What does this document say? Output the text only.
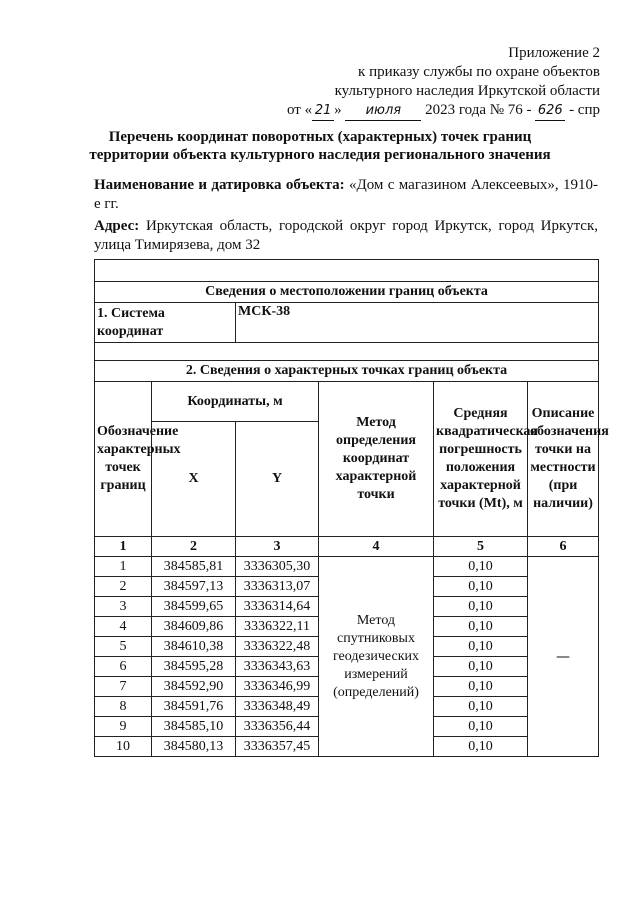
Приложение 2
к приказу службы по охране объектов
культурного наследия Иркутской области
от « 21 » июля 2023 года № 76 - 626 - спр
Перечень координат поворотных (характерных) точек границ
территории объекта культурного наследия регионального значения

Наименование и датировка объекта: «Дом с магазином Алексеевых», 1910-е гг.

Адрес: Иркутская область, городской округ город Иркутск, город Иркутск, улица Тимирязева, дом 32

Сведения о местоположении границ объекта					
1. Система координат		МСК-38			

2. Сведения о характерных точках границ объекта					
Обозначение характерных точек границ	Координаты, м		Метод определения координат характерной точки	Средняя квадратическая погрешность положения характерной точки (Mt), м	Описание обозначения точки на местности (при наличии)
	X	Y			
1	2	3	4	5	6
1	384585,81	3336305,30	Метод спутниковых геодезических измерений (определений)	0,10	—
2	384597,13	3336313,07		0,10	
3	384599,65	3336314,64		0,10	
4	384609,86	3336322,11		0,10	
5	384610,38	3336322,48		0,10	
6	384595,28	3336343,63		0,10	
7	384592,90	3336346,99		0,10	
8	384591,76	3336348,49		0,10	
9	384585,10	3336356,44		0,10	
10	384580,13	3336357,45		0,10	
